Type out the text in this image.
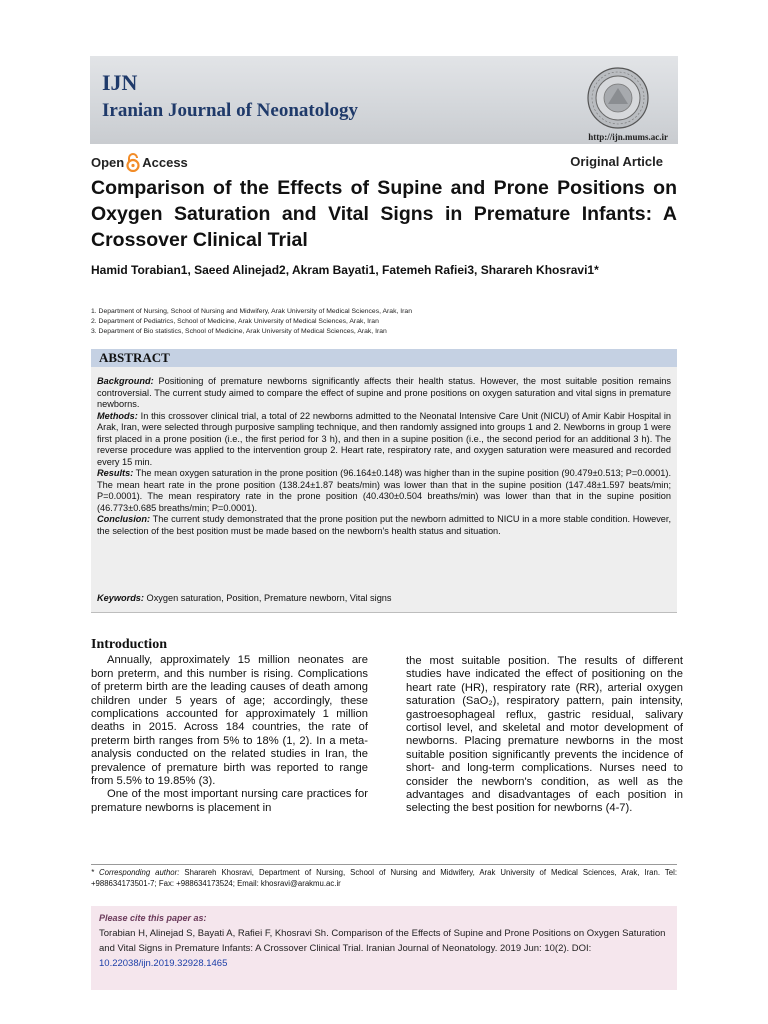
IJN
Iranian Journal of Neonatology
http://ijn.mums.ac.ir
Open Access	Original Article
Comparison of the Effects of Supine and Prone Positions on Oxygen Saturation and Vital Signs in Premature Infants: A Crossover Clinical Trial

Hamid Torabian1, Saeed Alinejad2, Akram Bayati1, Fatemeh Rafiei3, Sharareh Khosravi1*

1. Department of Nursing, School of Nursing and Midwifery, Arak University of Medical Sciences, Arak, Iran
2. Department of Pediatrics, School of Medicine, Arak University of Medical Sciences, Arak, Iran
3. Department of Bio statistics, School of Medicine, Arak University of Medical Sciences, Arak, Iran
ABSTRACT

Background: Positioning of premature newborns significantly affects their health status. However, the most suitable position remains controversial. The current study aimed to compare the effect of supine and prone positions on oxygen saturation and vital signs in premature newborns.

Methods: In this crossover clinical trial, a total of 22 newborns admitted to the Neonatal Intensive Care Unit (NICU) of Amir Kabir Hospital in Arak, Iran, were selected through purposive sampling technique, and then randomly assigned into groups 1 and 2. Newborns in group 1 were first placed in a prone position (i.e., the first period for 3 h), and then in a supine position (i.e., the second period for an additional 3 h). The reverse procedure was applied to the intervention group 2. Heart rate, respiratory rate, and oxygen saturation were measured and recorded every 15 min.

Results: The mean oxygen saturation in the prone position (96.164±0.148) was higher than in the supine position (90.479±0.513; P=0.0001). The mean heart rate in the prone position (138.24±1.87 beats/min) was lower than that in the supine position (147.48±1.597 beats/min; P=0.0001). The mean respiratory rate in the prone position (40.430±0.504 breaths/min) was lower than that in the supine position (46.773±0.685 breaths/min; P=0.0001).

Conclusion: The current study demonstrated that the prone position put the newborn admitted to NICU in a more stable condition. However, the selection of the best position must be made based on the newborn's health status and situation.

Keywords: Oxygen saturation, Position, Premature newborn, Vital signs

Introduction

Annually, approximately 15 million neonates are born preterm, and this number is rising. Complications of preterm birth are the leading causes of death among children under 5 years of age; accordingly, these complications accounted for approximately 1 million deaths in 2015. Across 184 countries, the rate of preterm birth ranges from 5% to 18% (1, 2). In a meta-analysis conducted on the related studies in Iran, the prevalence of premature birth was reported to range from 5.5% to 19.85% (3).

One of the most important nursing care practices for premature newborns is placement in

the most suitable position. The results of different studies have indicated the effect of positioning on the heart rate (HR), respiratory rate (RR), arterial oxygen saturation (SaO₂), respiratory pattern, pain intensity, gastroesophageal reflux, gastric residual, salivary cortisol level, and skeletal and motor development of newborns. Placing premature newborns in the most suitable position significantly prevents the incidence of short- and long-term complications. Nurses need to consider the newborn's condition, as well as the advantages and disadvantages of each position in selecting the best position for newborns (4-7).

* Corresponding author: Sharareh Khosravi, Department of Nursing, School of Nursing and Midwifery, Arak University of Medical Sciences, Arak, Iran. Tel: +988634173501-7; Fax: +988634173524; Email: khosravi@arakmu.ac.ir

Please cite this paper as:

Torabian H, Alinejad S, Bayati A, Rafiei F, Khosravi Sh. Comparison of the Effects of Supine and Prone Positions on Oxygen Saturation and Vital Signs in Premature Infants: A Crossover Clinical Trial. Iranian Journal of Neonatology. 2019 Jun: 10(2). DOI: 10.22038/ijn.2019.32928.1465
